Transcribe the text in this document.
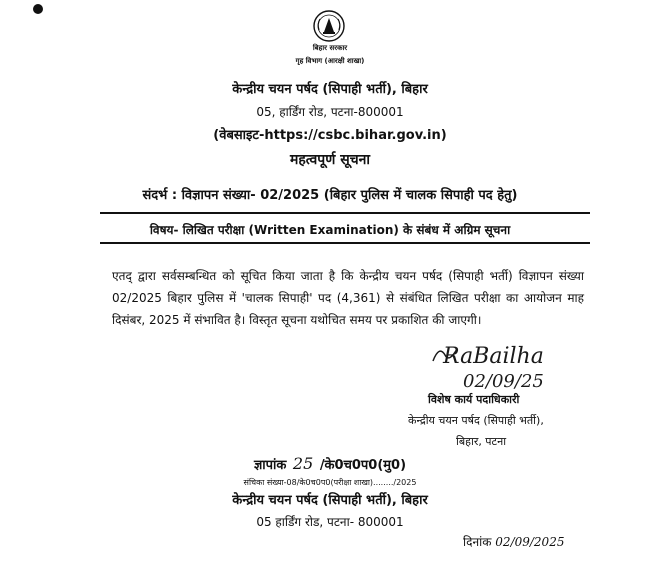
बिहार सरकार
गृह विभाग (आरक्षी शाखा)
केन्द्रीय चयन पर्षद (सिपाही भर्ती), बिहार
05, हार्डिंग रोड, पटना-800001
(वेबसाइट-https://csbc.bihar.gov.in)
महत्वपूर्ण सूचना
संदर्भ : विज्ञापन संख्या- 02/2025 (बिहार पुलिस में चालक सिपाही पद हेतु)
विषय- लिखित परीक्षा (Written Examination) के संबंध में अग्रिम सूचना

एतद् द्वारा सर्वसम्बन्धित को सूचित किया जाता है कि केन्द्रीय चयन पर्षद (सिपाही भर्ती) विज्ञापन संख्या 02/2025 बिहार पुलिस में 'चालक सिपाही' पद (4,361) से संबंधित लिखित परीक्षा का आयोजन माह दिसंबर, 2025 में संभावित है। विस्तृत सूचना यथोचित समय पर प्रकाशित की जाएगी।

RaBailha
02/09/25
विशेष कार्य पदाधिकारी
केन्द्रीय चयन पर्षद (सिपाही भर्ती),
बिहार, पटना
ज्ञापांक 25 /के0च0प0(मु0)
संचिका संख्या-08/के0च0प0(परीक्षा शाखा)......../2025
केन्द्रीय चयन पर्षद (सिपाही भर्ती), बिहार
05 हार्डिंग रोड, पटना- 800001
दिनांक 02/09/2025
